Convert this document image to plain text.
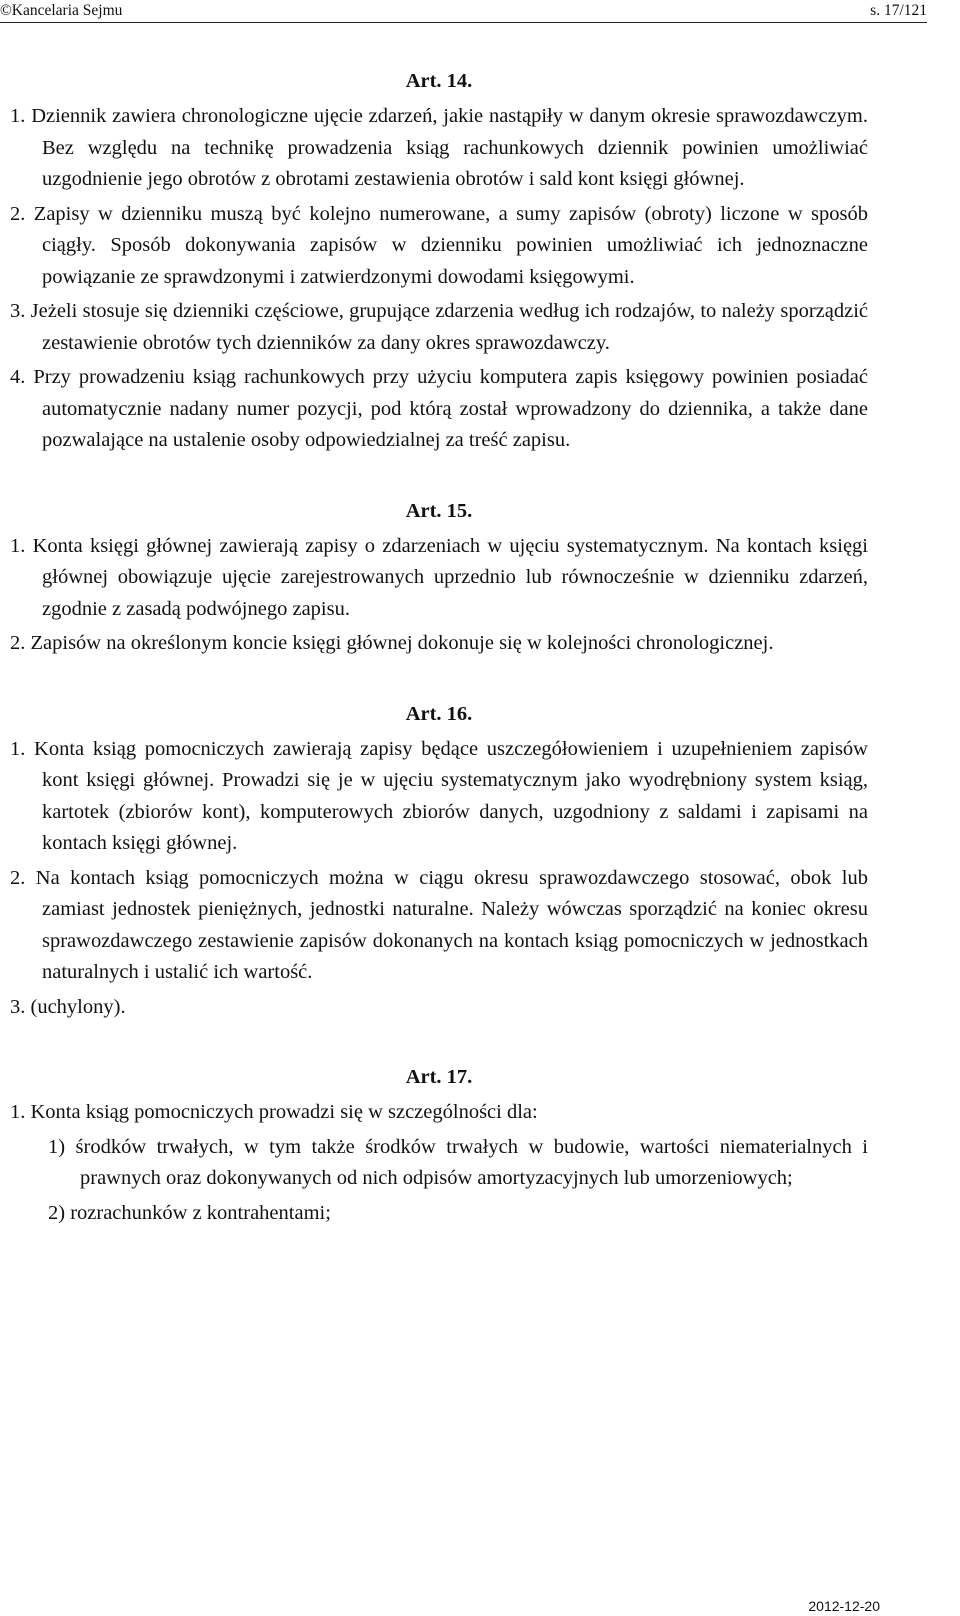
©Kancelaria Sejmu	s. 17/121
Art. 14.

1. Dziennik zawiera chronologiczne ujęcie zdarzeń, jakie nastąpiły w danym okresie sprawozdawczym. Bez względu na technikę prowadzenia ksiąg rachunkowych dziennik powinien umożliwiać uzgodnienie jego obrotów z obrotami zestawienia obrotów i sald kont księgi głównej.

2. Zapisy w dzienniku muszą być kolejno numerowane, a sumy zapisów (obroty) liczone w sposób ciągły. Sposób dokonywania zapisów w dzienniku powinien umożliwiać ich jednoznaczne powiązanie ze sprawdzonymi i zatwierdzonymi dowodami księgowymi.

3. Jeżeli stosuje się dzienniki częściowe, grupujące zdarzenia według ich rodzajów, to należy sporządzić zestawienie obrotów tych dzienników za dany okres sprawozdawczy.

4. Przy prowadzeniu ksiąg rachunkowych przy użyciu komputera zapis księgowy powinien posiadać automatycznie nadany numer pozycji, pod którą został wprowadzony do dziennika, a także dane pozwalające na ustalenie osoby odpowiedzialnej za treść zapisu.

Art. 15.

1. Konta księgi głównej zawierają zapisy o zdarzeniach w ujęciu systematycznym. Na kontach księgi głównej obowiązuje ujęcie zarejestrowanych uprzednio lub równocześnie w dzienniku zdarzeń, zgodnie z zasadą podwójnego zapisu.

2. Zapisów na określonym koncie księgi głównej dokonuje się w kolejności chronologicznej.

Art. 16.

1. Konta ksiąg pomocniczych zawierają zapisy będące uszczegółowieniem i uzupełnieniem zapisów kont księgi głównej. Prowadzi się je w ujęciu systematycznym jako wyodrębniony system ksiąg, kartotek (zbiorów kont), komputerowych zbiorów danych, uzgodniony z saldami i zapisami na kontach księgi głównej.

2. Na kontach ksiąg pomocniczych można w ciągu okresu sprawozdawczego stosować, obok lub zamiast jednostek pieniężnych, jednostki naturalne. Należy wówczas sporządzić na koniec okresu sprawozdawczego zestawienie zapisów dokonanych na kontach ksiąg pomocniczych w jednostkach naturalnych i ustalić ich wartość.

3. (uchylony).

Art. 17.

1. Konta ksiąg pomocniczych prowadzi się w szczególności dla:

1) środków trwałych, w tym także środków trwałych w budowie, wartości niematerialnych i prawnych oraz dokonywanych od nich odpisów amortyzacyjnych lub umorzeniowych;

2) rozrachunków z kontrahentami;

2012-12-20
